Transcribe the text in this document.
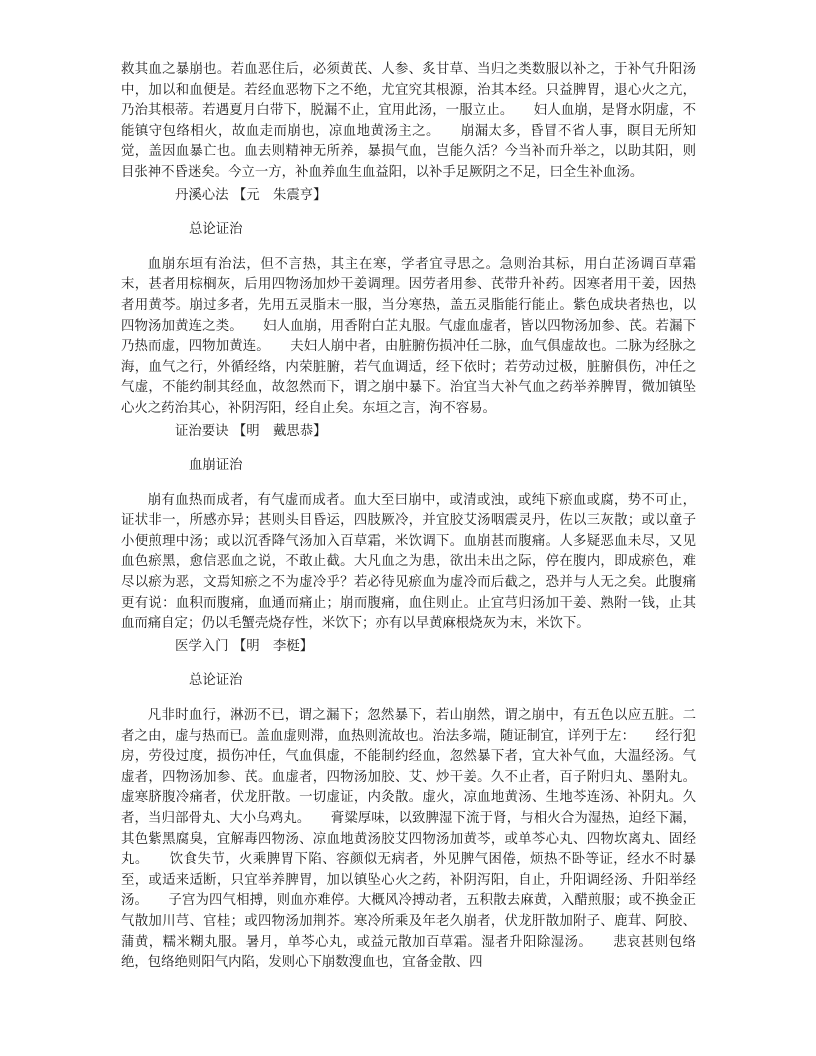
救其血之暴崩也。若血恶住后，必须黄芪、人参、炙甘草、当归之类数服以补之，于补气升阳汤中，加以和血便是。若经血恶物下之不绝，尤宜究其根源，治其本经。只益脾胃，退心火之亢，乃治其根蒂。若遇夏月白带下，脱漏不止，宜用此汤，一服立止。　　妇人血崩，是肾水阴虚，不能镇守包络相火，故血走而崩也，凉血地黄汤主之。　　崩漏太多，昏冒不省人事，瞑目无所知觉，盖因血暴亡也。血去则精神无所养，暴损气血，岂能久活？今当补而升举之，以助其阳，则目张神不昏迷矣。今立一方，补血养血生血益阳，以补手足厥阴之不足，曰全生补血汤。

丹溪心法 【元　朱震亨】
总论证治

血崩东垣有治法，但不言热，其主在寒，学者宜寻思之。急则治其标，用白芷汤调百草霜末，甚者用棕榈灰，后用四物汤加炒干姜调理。因劳者用参、芪带升补药。因寒者用干姜，因热者用黄芩。崩过多者，先用五灵脂末一服，当分寒热，盖五灵脂能行能止。紫色成块者热也，以四物汤加黄连之类。　　妇人血崩，用香附白芷丸服。气虚血虚者，皆以四物汤加参、芪。若漏下乃热而虚，四物加黄连。　　夫妇人崩中者，由脏腑伤损冲任二脉，血气俱虚故也。二脉为经脉之海，血气之行，外循经络，内荣脏腑，若气血调适，经下依时；若劳动过极，脏腑俱伤，冲任之气虚，不能约制其经血，故忽然而下，谓之崩中暴下。治宜当大补气血之药举养脾胃，微加镇坠心火之药治其心，补阴泻阳，经自止矣。东垣之言，洵不容易。

证治要诀 【明　戴思恭】
血崩证治

崩有血热而成者，有气虚而成者。血大至曰崩中，或清或浊，或纯下瘀血或腐，势不可止，证状非一，所感亦异；甚则头目昏运，四肢厥冷，并宜胶艾汤咽震灵丹，佐以三灰散；或以童子小便煎理中汤；或以沉香降气汤加入百草霜，米饮调下。血崩甚而腹痛。人多疑恶血未尽，又见血色瘀黑，愈信恶血之说，不敢止截。大凡血之为患，欲出未出之际，停在腹内，即成瘀色，难尽以瘀为恶，文焉知瘀之不为虚冷乎？若必待见瘀血为虚冷而后截之，恐并与人无之矣。此腹痛更有说：血积而腹痛，血通而痛止；崩而腹痛，血住则止。止宜芎归汤加干姜、熟附一钱，止其血而痛自定；仍以毛蟹壳烧存性，米饮下；亦有以早黄麻根烧灰为末，米饮下。

医学入门 【明　李梃】
总论证治

凡非时血行，淋沥不已，谓之漏下；忽然暴下，若山崩然，谓之崩中，有五色以应五脏。二者之由，虚与热而已。盖血虚则滞，血热则流故也。治法多端，随证制宜，详列于左：　　经行犯房，劳役过度，损伤冲任，气血俱虚，不能制约经血，忽然暴下者，宜大补气血，大温经汤。气虚者，四物汤加参、芪。血虚者，四物汤加胶、艾、炒干姜。久不止者，百子附归丸、墨附丸。虚寒脐腹冷痛者，伏龙肝散。一切虚证，内灸散。虚火，凉血地黄汤、生地芩连汤、补阴丸。久者，当归部骨丸、大小乌鸡丸。　　膏粱厚味，以致脾湿下流于肾，与相火合为湿热，迫经下漏，其色紫黑腐臭，宜解毒四物汤、凉血地黄汤胶艾四物汤加黄芩，或单芩心丸、四物坎离丸、固经丸。　　饮食失节，火乘脾胃下陷、容颜似无病者，外见脾气困倦，烦热不卧等证，经水不时暴至，或适来适断，只宜举养脾胃，加以镇坠心火之药，补阴泻阳，自止，升阳调经汤、升阳举经汤。　　子宫为四气相搏，则血亦难停。大概风冷搏动者，五积散去麻黄，入醋煎服；或不换金正气散加川芎、官桂；或四物汤加荆芥。寒冷所乘及年老久崩者，伏龙肝散加附子、鹿茸、阿胶、蒲黄，糯米糊丸服。暑月，单芩心丸，或益元散加百草霜。湿者升阳除湿汤。　　悲哀甚则包络绝，包络绝则阳气内陷，发则心下崩数溲血也，宜备金散、四
